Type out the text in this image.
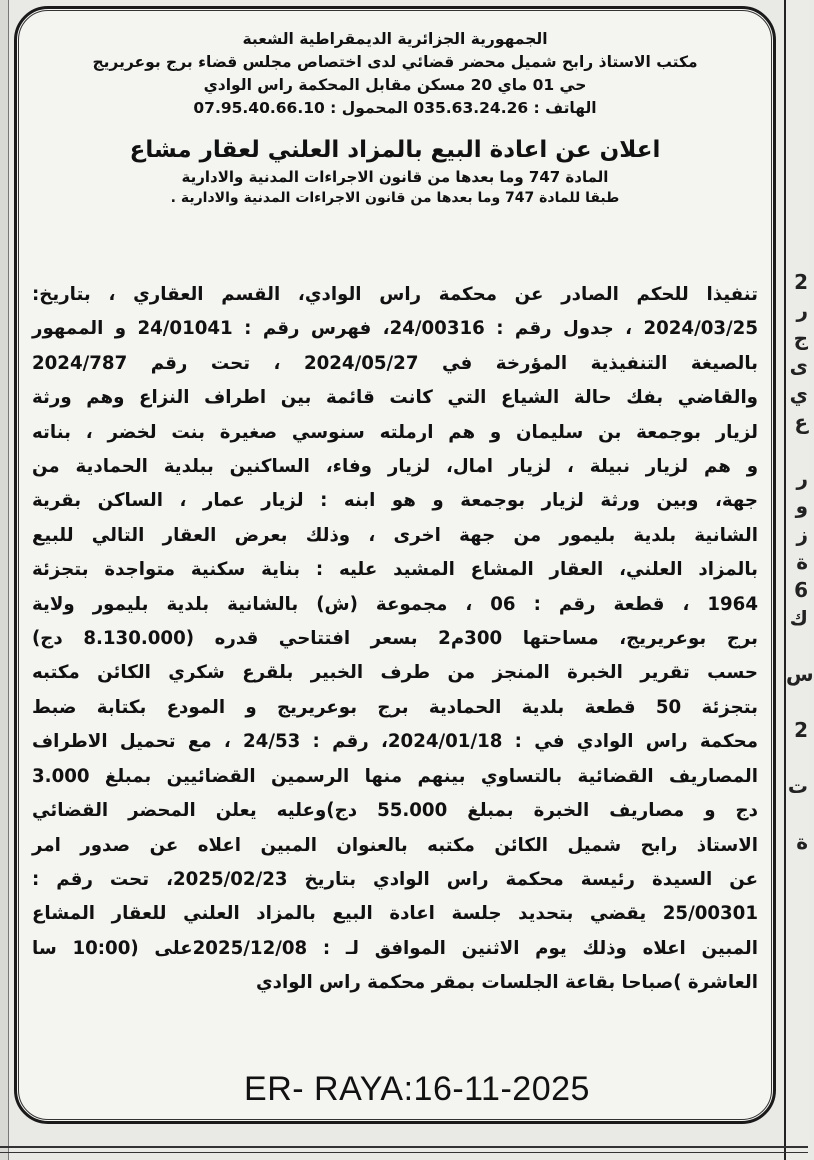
2
ر
ج
ى
ي
ع

ر
و
ز
ة
6
ك

س

2

ت

ة
الجمهورية الجزائرية الديمقراطية الشعبة
مكتب الاستاذ رابح شميل محضر قضائي لدى اختصاص مجلس قضاء برج بوعريريج
حي 01 ماي 20 مسكن مقابل المحكمة راس الوادي
الهاتف : 035.63.24.26 المحمول : 07.95.40.66.10
اعلان عن اعادة البيع بالمزاد العلني لعقار مشاع
المادة 747 وما بعدها من قانون الاجراءات المدنية والادارية
طبقا للمادة 747 وما بعدها من قانون الاجراءات المدنية والادارية .
تنفيذا للحكم الصادر عن محكمة راس الوادي، القسم العقاري ، بتاريخ:
2024/03/25 ، جدول رقم : 24/00316، فهرس رقم : 24/01041 و الممهور
بالصيغة التنفيذية المؤرخة في 2024/05/27 ، تحت رقم 2024/787
والقاضي بفك حالة الشياع التي كانت قائمة بين اطراف النزاع وهم ورثة
لزيار بوجمعة بن سليمان و هم ارملته سنوسي صغيرة بنت لخضر ، بناته
و هم لزيار نبيلة ، لزيار امال، لزيار وفاء، الساكنين ببلدية الحمادية من
جهة، وبين ورثة لزيار بوجمعة و هو ابنه : لزيار عمار ، الساكن بقرية
الشانية بلدية بليمور من جهة اخرى ، وذلك بعرض العقار التالي للبيع
بالمزاد العلني، العقار المشاع المشيد عليه : بناية سكنية متواجدة بتجزئة
1964 ، قطعة رقم : 06 ، مجموعة (ش) بالشانية بلدية بليمور ولاية
برج بوعريريج، مساحتها 300م2 بسعر افتتاحي قدره (8.130.000 دج)
حسب تقرير الخبرة المنجز من طرف الخبير بلقرع شكري الكائن مكتبه
بتجزئة 50 قطعة بلدية الحمادية برج بوعريريج و المودع بكتابة ضبط
محكمة راس الوادي في : 2024/01/18، رقم : 24/53 ، مع تحميل الاطراف
المصاريف القضائية بالتساوي بينهم منها الرسمين القضائيين بمبلغ 3.000
دج و مصاريف الخبرة بمبلغ 55.000 دج)وعليه يعلن المحضر القضائي
الاستاذ رابح شميل الكائن مكتبه بالعنوان المبين اعلاه عن صدور امر
عن السيدة رئيسة محكمة راس الوادي بتاريخ 2025/02/23، تحت رقم :
25/00301 يقضي بتحديد جلسة اعادة البيع بالمزاد العلني للعقار المشاع
المبين اعلاه وذلك يوم الاثنين الموافق لـ : 2025/12/08على (10:00 سا
العاشرة )صباحا بقاعة الجلسات بمقر محكمة راس الوادي
ER- RAYA:16-11-2025
